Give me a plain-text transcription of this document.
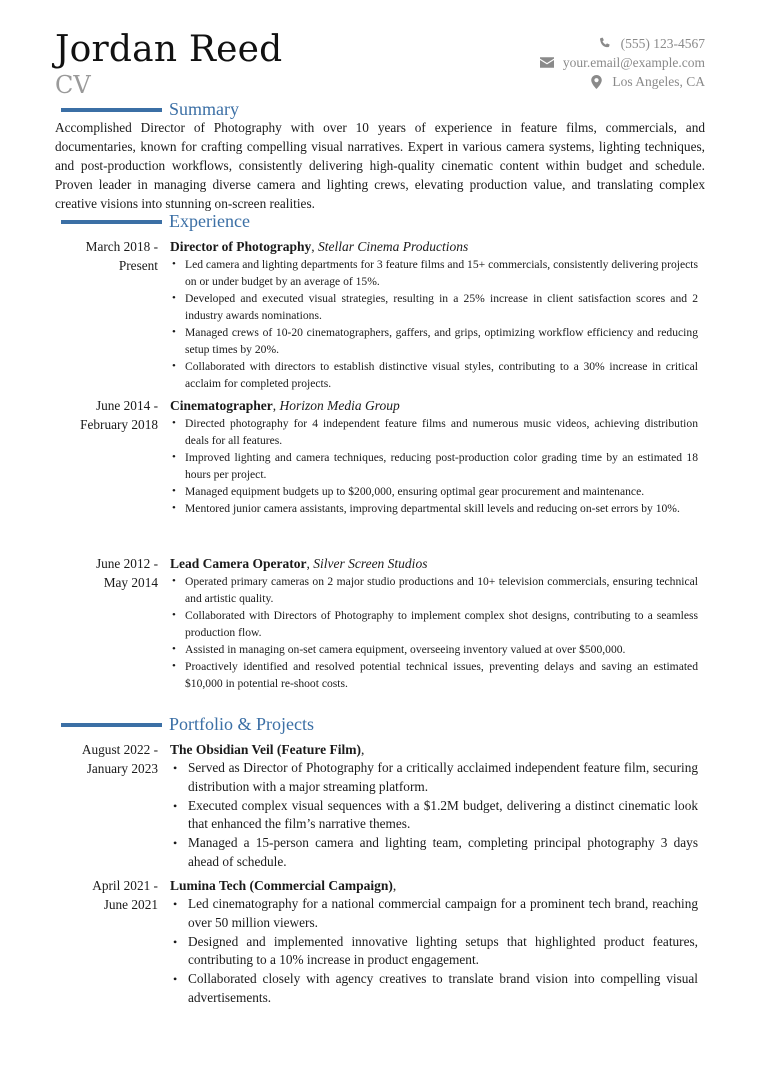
Jordan Reed
CV
(555) 123-4567
your.email@example.com
Los Angeles, CA
Summary
Accomplished Director of Photography with over 10 years of experience in feature films, commercials, and documentaries, known for crafting compelling visual narratives. Expert in various camera systems, lighting techniques, and post-production workflows, consistently delivering high-quality cinematic content within budget and schedule. Proven leader in managing diverse camera and lighting crews, elevating production value, and translating complex creative visions into stunning on-screen realities.
Experience
March 2018 -
Present
Director of Photography, Stellar Cinema Productions
• Led camera and lighting departments for 3 feature films and 15+ commercials, consistently delivering projects on or under budget by an average of 15%.
• Developed and executed visual strategies, resulting in a 25% increase in client satisfaction scores and 2 industry awards nominations.
• Managed crews of 10-20 cinematographers, gaffers, and grips, optimizing workflow efficiency and reducing setup times by 20%.
• Collaborated with directors to establish distinctive visual styles, contributing to a 30% increase in critical acclaim for completed projects.
June 2014 -
February 2018
Cinematographer, Horizon Media Group
• Directed photography for 4 independent feature films and numerous music videos, achieving distribution deals for all features.
• Improved lighting and camera techniques, reducing post-production color grading time by an estimated 18 hours per project.
• Managed equipment budgets up to $200,000, ensuring optimal gear procurement and maintenance.
• Mentored junior camera assistants, improving departmental skill levels and reducing on-set errors by 10%.
June 2012 -
May 2014
Lead Camera Operator, Silver Screen Studios
• Operated primary cameras on 2 major studio productions and 10+ television commercials, ensuring technical and artistic quality.
• Collaborated with Directors of Photography to implement complex shot designs, contributing to a seamless production flow.
• Assisted in managing on-set camera equipment, overseeing inventory valued at over $500,000.
• Proactively identified and resolved potential technical issues, preventing delays and saving an estimated $10,000 in potential re-shoot costs.
Portfolio & Projects
August 2022 -
January 2023
The Obsidian Veil (Feature Film),
• Served as Director of Photography for a critically acclaimed independent feature film, securing distribution with a major streaming platform.
• Executed complex visual sequences with a $1.2M budget, delivering a distinct cinematic look that enhanced the film’s narrative themes.
• Managed a 15-person camera and lighting team, completing principal photography 3 days ahead of schedule.
April 2021 -
June 2021
Lumina Tech (Commercial Campaign),
• Led cinematography for a national commercial campaign for a prominent tech brand, reaching over 50 million viewers.
• Designed and implemented innovative lighting setups that highlighted product features, contributing to a 10% increase in product engagement.
• Collaborated closely with agency creatives to translate brand vision into compelling visual advertisements.
